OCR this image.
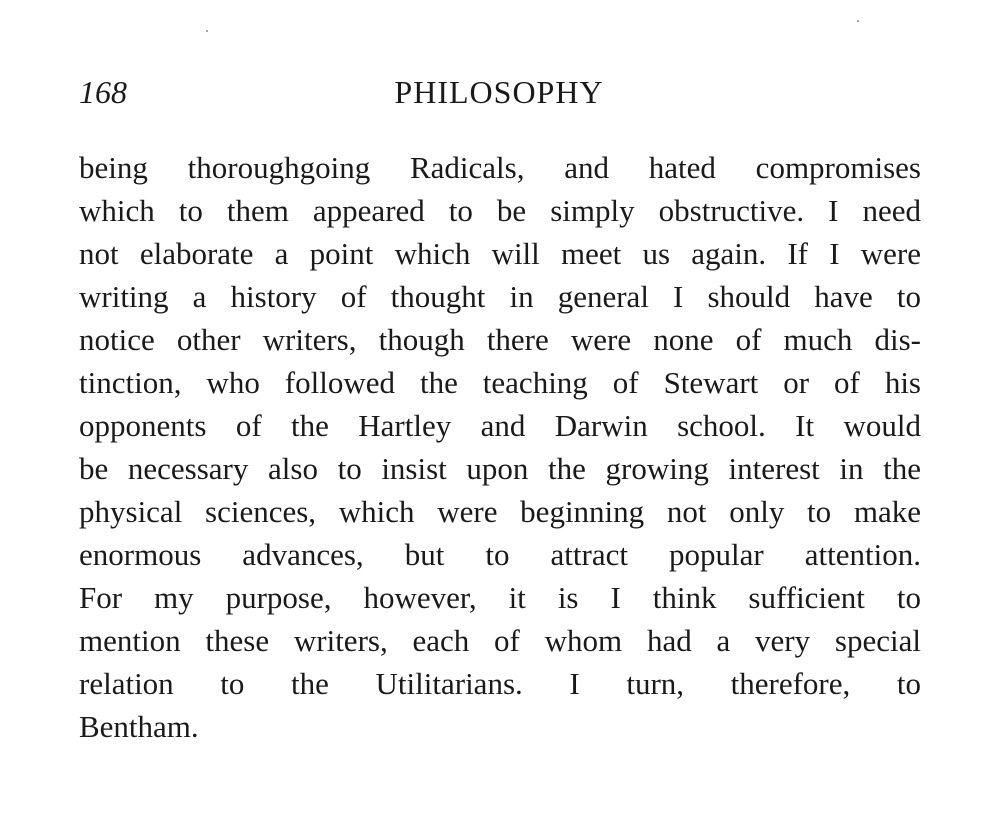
168	PHILOSOPHY
being thoroughgoing Radicals, and hated compromises
which to them appeared to be simply obstructive. I need
not elaborate a point which will meet us again. If I were
writing a history of thought in general I should have to
notice other writers, though there were none of much dis-
tinction, who followed the teaching of Stewart or of his
opponents of the Hartley and Darwin school. It would
be necessary also to insist upon the growing interest in the
physical sciences, which were beginning not only to make
enormous advances, but to attract popular attention.
For my purpose, however, it is I think sufficient to
mention these writers, each of whom had a very special
relation to the Utilitarians. I turn, therefore, to
Bentham.
